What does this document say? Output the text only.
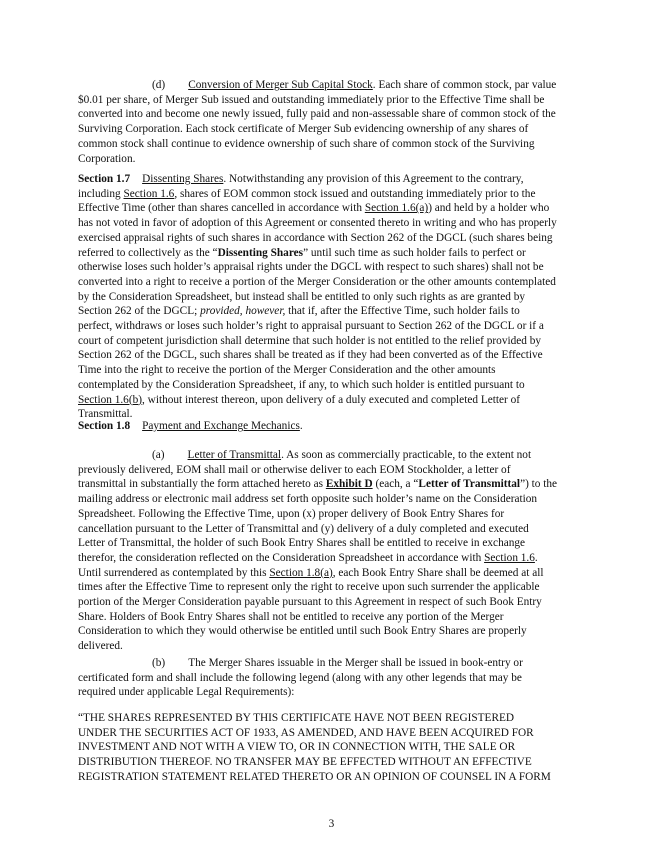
(d) Conversion of Merger Sub Capital Stock. Each share of common stock, par value
$0.01 per share, of Merger Sub issued and outstanding immediately prior to the Effective Time shall be
converted into and become one newly issued, fully paid and non-assessable share of common stock of the
Surviving Corporation. Each stock certificate of Merger Sub evidencing ownership of any shares of
common stock shall continue to evidence ownership of such share of common stock of the Surviving
Corporation.
Section 1.7 Dissenting Shares. Notwithstanding any provision of this Agreement to the contrary,
including Section 1.6, shares of EOM common stock issued and outstanding immediately prior to the
Effective Time (other than shares cancelled in accordance with Section 1.6(a)) and held by a holder who
has not voted in favor of adoption of this Agreement or consented thereto in writing and who has properly
exercised appraisal rights of such shares in accordance with Section 262 of the DGCL (such shares being
referred to collectively as the “Dissenting Shares” until such time as such holder fails to perfect or
otherwise loses such holder’s appraisal rights under the DGCL with respect to such shares) shall not be
converted into a right to receive a portion of the Merger Consideration or the other amounts contemplated
by the Consideration Spreadsheet, but instead shall be entitled to only such rights as are granted by
Section 262 of the DGCL; provided, however, that if, after the Effective Time, such holder fails to
perfect, withdraws or loses such holder’s right to appraisal pursuant to Section 262 of the DGCL or if a
court of competent jurisdiction shall determine that such holder is not entitled to the relief provided by
Section 262 of the DGCL, such shares shall be treated as if they had been converted as of the Effective
Time into the right to receive the portion of the Merger Consideration and the other amounts
contemplated by the Consideration Spreadsheet, if any, to which such holder is entitled pursuant to
Section 1.6(b), without interest thereon, upon delivery of a duly executed and completed Letter of
Transmittal.
Section 1.8 Payment and Exchange Mechanics.
(a) Letter of Transmittal. As soon as commercially practicable, to the extent not
previously delivered, EOM shall mail or otherwise deliver to each EOM Stockholder, a letter of
transmittal in substantially the form attached hereto as Exhibit D (each, a “Letter of Transmittal”) to the
mailing address or electronic mail address set forth opposite such holder’s name on the Consideration
Spreadsheet. Following the Effective Time, upon (x) proper delivery of Book Entry Shares for
cancellation pursuant to the Letter of Transmittal and (y) delivery of a duly completed and executed
Letter of Transmittal, the holder of such Book Entry Shares shall be entitled to receive in exchange
therefor, the consideration reflected on the Consideration Spreadsheet in accordance with Section 1.6.
Until surrendered as contemplated by this Section 1.8(a), each Book Entry Share shall be deemed at all
times after the Effective Time to represent only the right to receive upon such surrender the applicable
portion of the Merger Consideration payable pursuant to this Agreement in respect of such Book Entry
Share. Holders of Book Entry Shares shall not be entitled to receive any portion of the Merger
Consideration to which they would otherwise be entitled until such Book Entry Shares are properly
delivered.
(b) The Merger Shares issuable in the Merger shall be issued in book-entry or
certificated form and shall include the following legend (along with any other legends that may be
required under applicable Legal Requirements):
“THE SHARES REPRESENTED BY THIS CERTIFICATE HAVE NOT BEEN REGISTERED
UNDER THE SECURITIES ACT OF 1933, AS AMENDED, AND HAVE BEEN ACQUIRED FOR
INVESTMENT AND NOT WITH A VIEW TO, OR IN CONNECTION WITH, THE SALE OR
DISTRIBUTION THEREOF. NO TRANSFER MAY BE EFFECTED WITHOUT AN EFFECTIVE
REGISTRATION STATEMENT RELATED THERETO OR AN OPINION OF COUNSEL IN A FORM
3
